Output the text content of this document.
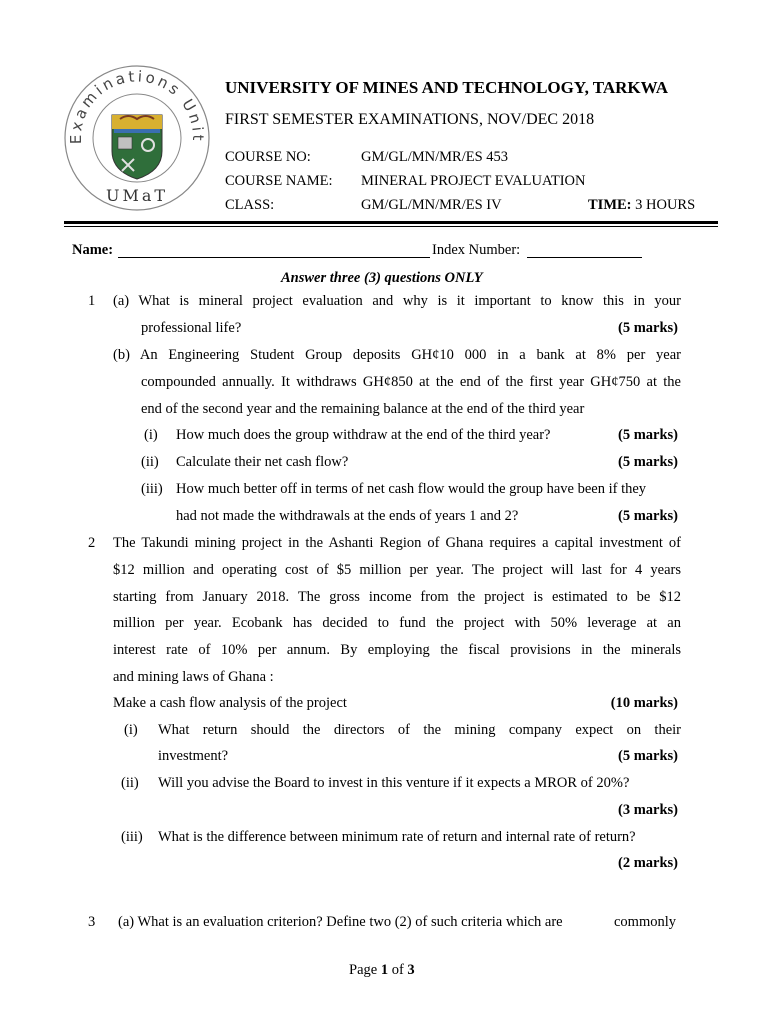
Examinations Unit
UMaT
UNIVERSITY OF MINES AND TECHNOLOGY, TARKWA
FIRST SEMESTER EXAMINATIONS, NOV/DEC 2018
COURSE NO:	GM/GL/MN/MR/ES 453
COURSE NAME: MINERAL PROJECT EVALUATION
CLASS:	GM/GL/MN/MR/ES IV	TIME: 3 HOURS
Name:	Index Number:
Answer three (3) questions ONLY
1 (a) What is mineral project evaluation and why is it important to know this in your
professional life?	(5 marks)
(b) An Engineering Student Group deposits GH¢10 000 in a bank at 8% per year
compounded annually. It withdraws GH¢850 at the end of the first year GH¢750 at the
end of the second year and the remaining balance at the end of the third year
(i) How much does the group withdraw at the end of the third year?	(5 marks)
(ii) Calculate their net cash flow?	(5 marks)
(iii) How much better off in terms of net cash flow would the group have been if they
had not made the withdrawals at the ends of years 1 and 2?	(5 marks)
2 The Takundi mining project in the Ashanti Region of Ghana requires a capital investment of
$12 million and operating cost of $5 million per year. The project will last for 4 years
starting from January 2018. The gross income from the project is estimated to be $12
million per year. Ecobank has decided to fund the project with 50% leverage at an
interest rate of 10% per annum. By employing the fiscal provisions in the minerals
and mining laws of Ghana :
Make a cash flow analysis of the project	(10 marks)
(i) What return should the directors of the mining company expect on their
investment?	(5 marks)
(ii) Will you advise the Board to invest in this venture if it expects a MROR of 20%?
(3 marks)
(iii) What is the difference between minimum rate of return and internal rate of return?
(2 marks)
3 (a) What is an evaluation criterion? Define two (2) of such criteria which are	commonly
Page 1 of 3
